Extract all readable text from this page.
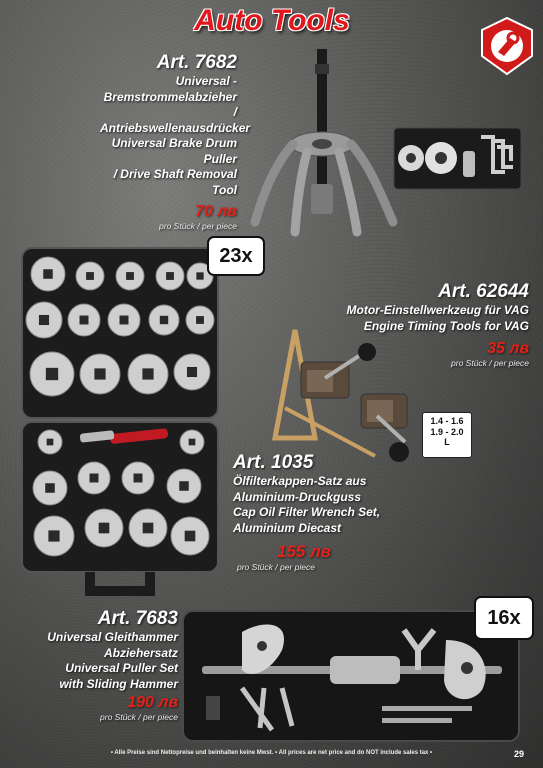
Auto Tools
Art. 7682
Universal -
Bremstrommelabzieher /
Antriebswellenausdrücker
Universal Brake Drum Puller
/ Drive Shaft Removal Tool
70 лв
pro Stück / per piece
Art. 62644
Motor-Einstellwerkzeug für VAG
Engine Timing Tools for VAG
35 лв
pro Stück / per piece
1.4 - 1.6
1.9 - 2.0
L
23x
Art. 1035
Ölfilterkappen-Satz aus
Aluminium-Druckguss
Cap Oil Filter Wrench Set,
Aluminium Diecast
155 лв
pro Stück / per piece
Art. 7683
Universal Gleithammer
Abziehersatz
Universal Puller Set
with Sliding Hammer
190 лв
pro Stück / per piece
16x
• Alle Preise sind Nettopreise und beinhalten keine Mwst. • All prices are net price and do NOT include sales tax •	29
